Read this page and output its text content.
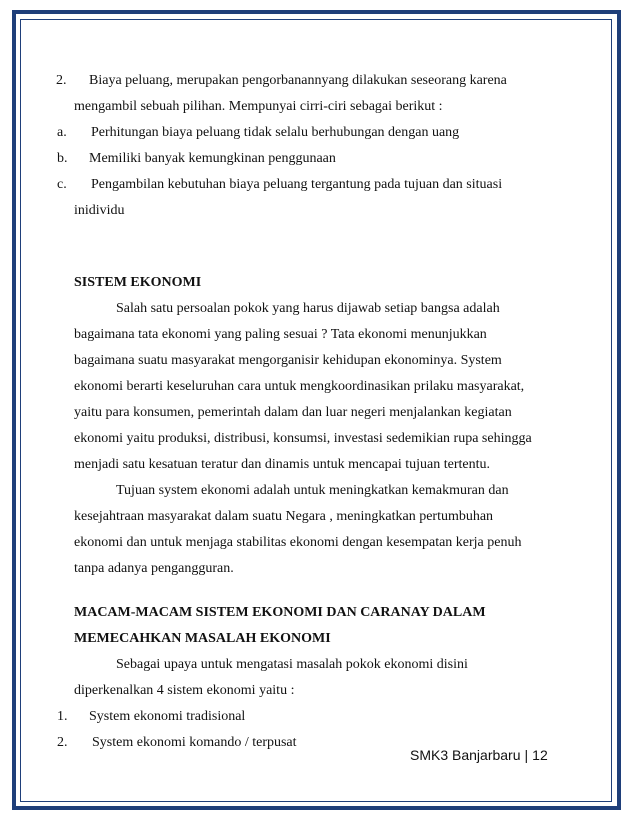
2. Biaya peluang, merupakan pengorbanannyang dilakukan seseorang karena
mengambil sebuah pilihan. Mempunyai cirri-ciri sebagai berikut :
a. Perhitungan biaya peluang tidak selalu berhubungan dengan uang
b. Memiliki banyak kemungkinan penggunaan
c. Pengambilan kebutuhan biaya peluang tergantung pada tujuan dan situasi
inidividu
SISTEM EKONOMI
Salah satu persoalan pokok yang harus dijawab setiap bangsa adalah
bagaimana tata ekonomi yang paling sesuai ? Tata ekonomi menunjukkan
bagaimana suatu masyarakat mengorganisir kehidupan ekonominya. System
ekonomi berarti keseluruhan cara untuk mengkoordinasikan prilaku masyarakat,
yaitu para konsumen, pemerintah dalam dan luar negeri menjalankan kegiatan
ekonomi yaitu produksi, distribusi, konsumsi, investasi sedemikian rupa sehingga
menjadi satu kesatuan teratur dan dinamis untuk mencapai tujuan tertentu.
Tujuan system ekonomi adalah untuk meningkatkan kemakmuran dan
kesejahtraan masyarakat dalam suatu Negara , meningkatkan pertumbuhan
ekonomi dan untuk menjaga stabilitas ekonomi dengan kesempatan kerja penuh
tanpa adanya pengangguran.
MACAM-MACAM SISTEM EKONOMI DAN CARANAY DALAM
MEMECAHKAN MASALAH EKONOMI
Sebagai upaya untuk mengatasi masalah pokok ekonomi disini
diperkenalkan 4 sistem ekonomi yaitu :
1. System ekonomi tradisional
2. System ekonomi komando / terpusat
SMK3 Banjarbaru | 12
